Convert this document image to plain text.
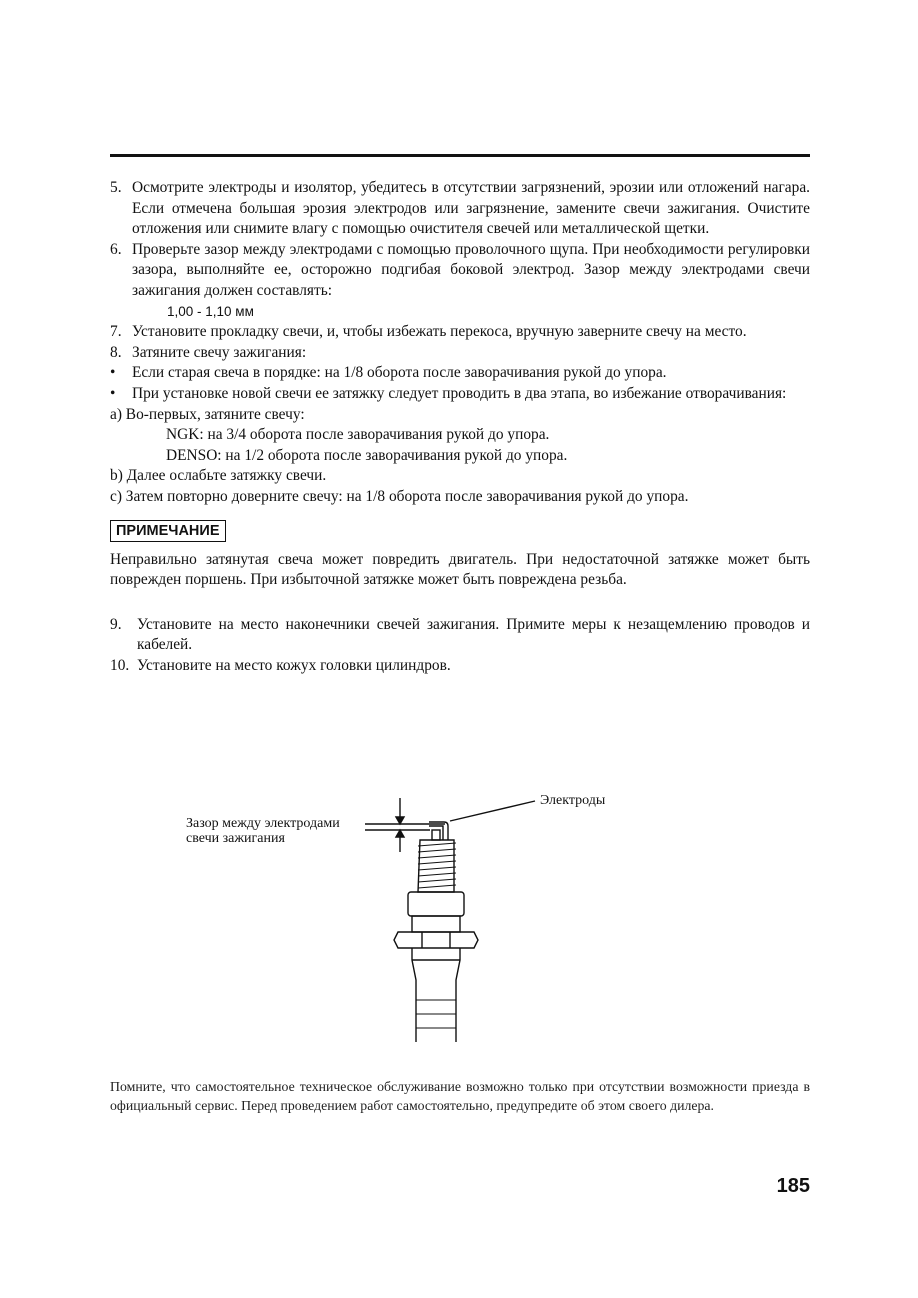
5. Осмотрите электроды и изолятор, убедитесь в отсутствии загрязнений, эрозии или отложений нагара. Если отмечена большая эрозия электродов или загрязнение, замените свечи зажигания. Очистите отложения или снимите влагу с помощью очистителя свечей или металлической щетки.
6. Проверьте зазор между электродами с помощью проволочного щупа. При необходимости регулировки зазора, выполняйте ее, осторожно подгибая боковой электрод. Зазор между электродами свечи зажигания должен составлять:
1,00 - 1,10 мм
7. Установите прокладку свечи, и, чтобы избежать перекоса, вручную заверните свечу на место.
8. Затяните свечу зажигания:
•	Если старая свеча в порядке: на 1/8 оборота после заворачивания рукой до упора.
•	При установке новой свечи ее затяжку следует проводить в два этапа, во избежание отворачивания:
a) Во-первых, затяните свечу:
NGK: на 3/4 оборота после заворачивания рукой до упора.
DENSO: на 1/2 оборота после заворачивания рукой до упора.
b) Далее ослабьте затяжку свечи.
c) Затем повторно доверните свечу: на 1/8 оборота после заворачивания рукой до упора.
ПРИМЕЧАНИЕ
Неправильно затянутая свеча может повредить двигатель. При недостаточной затяжке может быть поврежден поршень. При избыточной затяжке может быть повреждена резьба.
9.	Установите на место наконечники свечей зажигания. Примите меры к незащемлению проводов и кабелей.
10. Установите на место кожух головки цилиндров.
Электроды
Зазор между электродами
свечи зажигания
Помните, что самостоятельное техническое обслуживание возможно только при отсутствии возможности приезда в официальный сервис. Перед проведением работ самостоятельно, предупредите об этом своего дилера.
185
